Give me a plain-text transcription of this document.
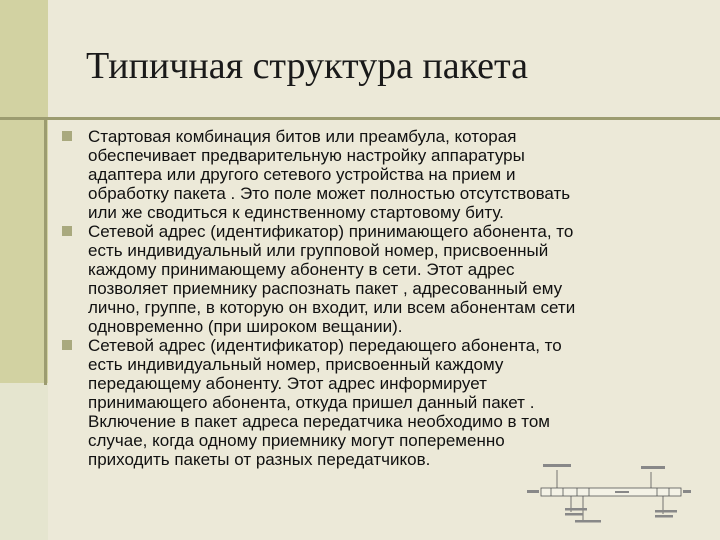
Типичная структура пакета
Стартовая комбинация битов или преамбула, которая
обеспечивает предварительную настройку аппаратуры
адаптера или другого сетевого устройства на прием и
обработку пакета . Это поле может полностью отсутствовать
или же сводиться к единственному стартовому биту.
Сетевой адрес (идентификатор) принимающего абонента, то
есть индивидуальный или групповой номер, присвоенный
каждому принимающему абоненту в сети. Этот адрес
позволяет приемнику распознать пакет , адресованный ему
лично, группе, в которую он входит, или всем абонентам сети
одновременно (при широком вещании).
Сетевой адрес (идентификатор) передающего абонента, то
есть индивидуальный номер, присвоенный каждому
передающему абоненту. Этот адрес информирует
принимающего абонента, откуда пришел данный пакет .
Включение в пакет адреса передатчика необходимо в том
случае, когда одному приемнику могут попеременно
приходить пакеты от разных передатчиков.
